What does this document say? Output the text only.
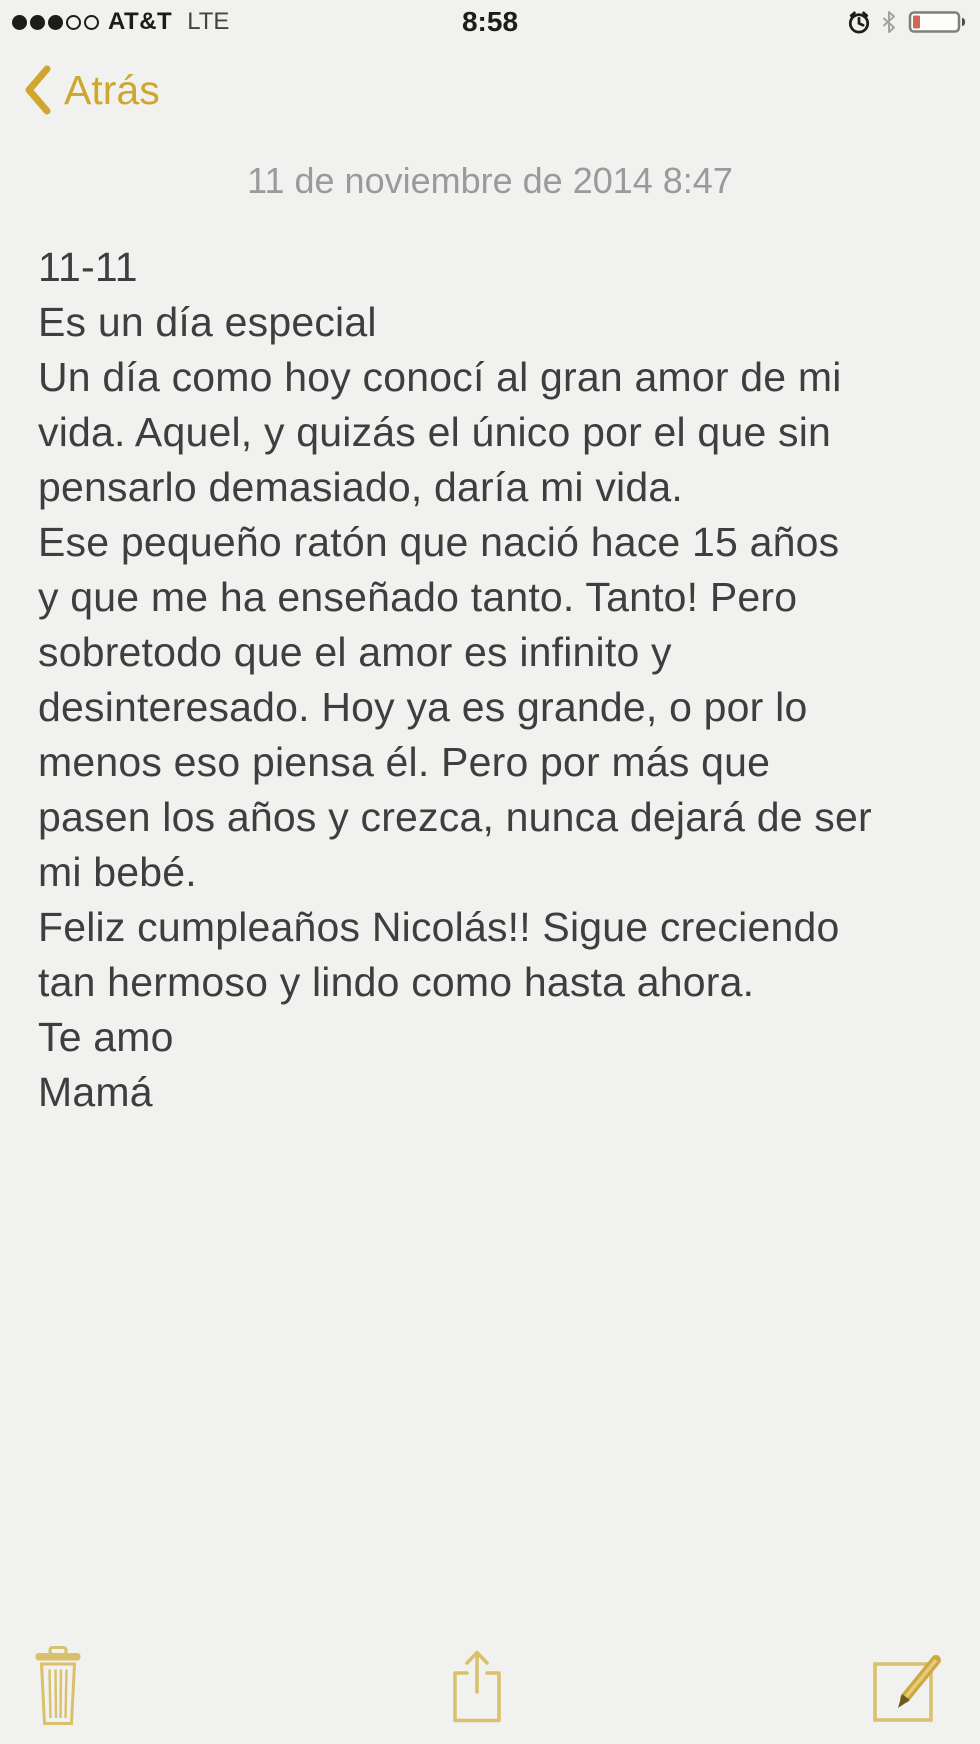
AT&T LTE	8:58
Atrás
11 de noviembre de 2014 8:47
11-11
Es un día especial
Un día como hoy conocí al gran amor de mi
vida. Aquel, y quizás el único por el que sin
pensarlo demasiado, daría mi vida.
Ese pequeño ratón que nació hace 15 años
y que me ha enseñado tanto. Tanto! Pero
sobretodo que el amor es infinito y
desinteresado. Hoy ya es grande, o por lo
menos eso piensa él. Pero por más que
pasen los años y crezca, nunca dejará de ser
mi bebé.
Feliz cumpleaños Nicolás!! Sigue creciendo
tan hermoso y lindo como hasta ahora.
Te amo
Mamá
